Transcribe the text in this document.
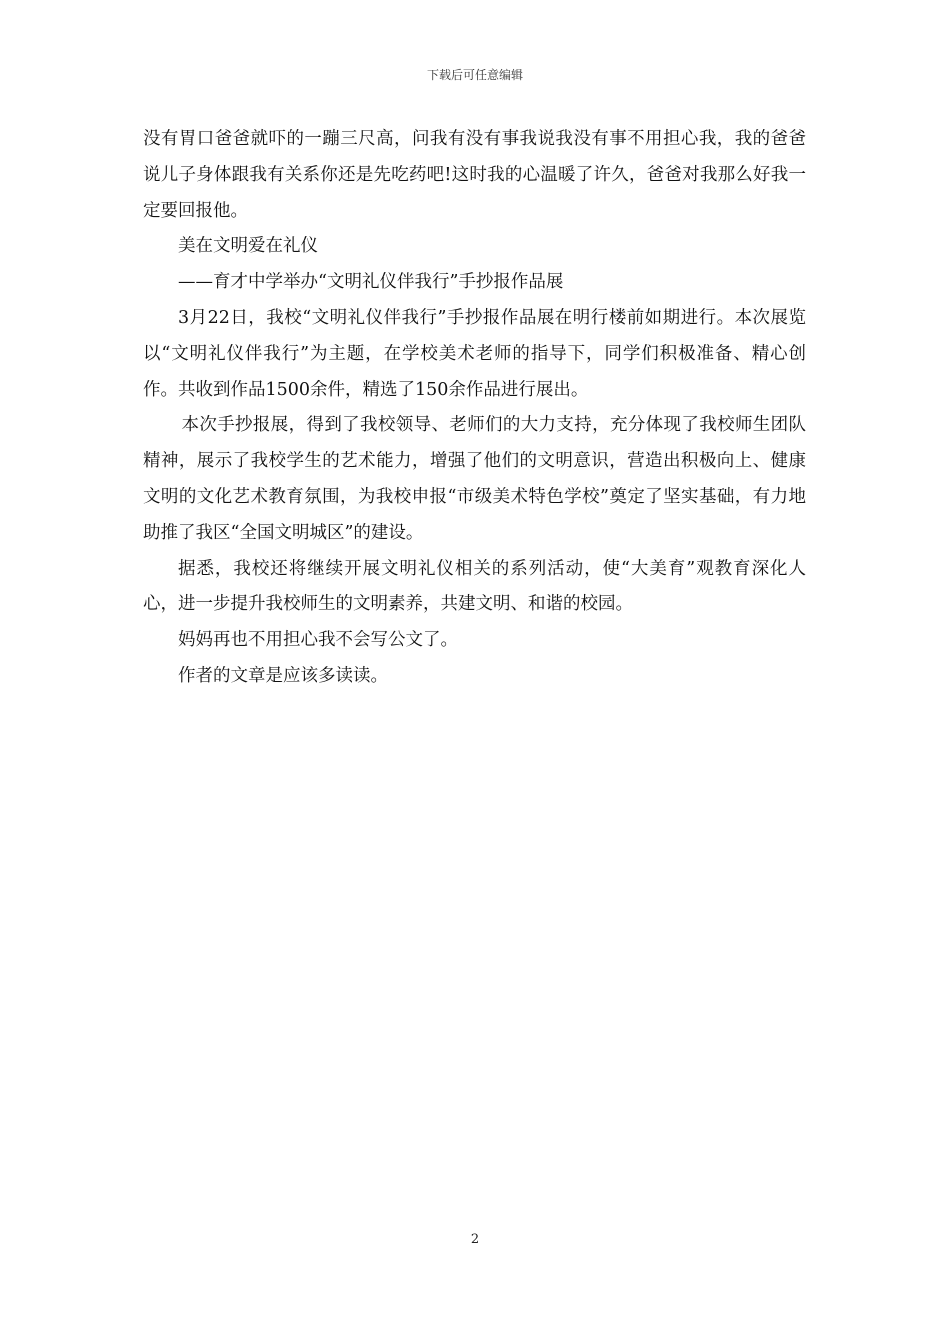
下载后可任意编辑

没有胃口爸爸就吓的一蹦三尺高，问我有没有事我说我没有事不用担心我，我的爸爸说儿子身体跟我有关系你还是先吃药吧!这时我的心温暖了许久，爸爸对我那么好我一定要回报他。

美在文明爱在礼仪

——育才中学举办“文明礼仪伴我行”手抄报作品展

3月22日，我校“文明礼仪伴我行”手抄报作品展在明行楼前如期进行。本次展览以“文明礼仪伴我行”为主题，在学校美术老师的指导下，同学们积极准备、精心创作。共收到作品1500余件，精选了150余作品进行展出。

本次手抄报展，得到了我校领导、老师们的大力支持，充分体现了我校师生团队精神，展示了我校学生的艺术能力，增强了他们的文明意识，营造出积极向上、健康文明的文化艺术教育氛围，为我校申报“市级美术特色学校”奠定了坚实基础，有力地助推了我区“全国文明城区”的建设。

据悉，我校还将继续开展文明礼仪相关的系列活动，使“大美育”观教育深化人心，进一步提升我校师生的文明素养，共建文明、和谐的校园。

妈妈再也不用担心我不会写公文了。

作者的文章是应该多读读。

2
